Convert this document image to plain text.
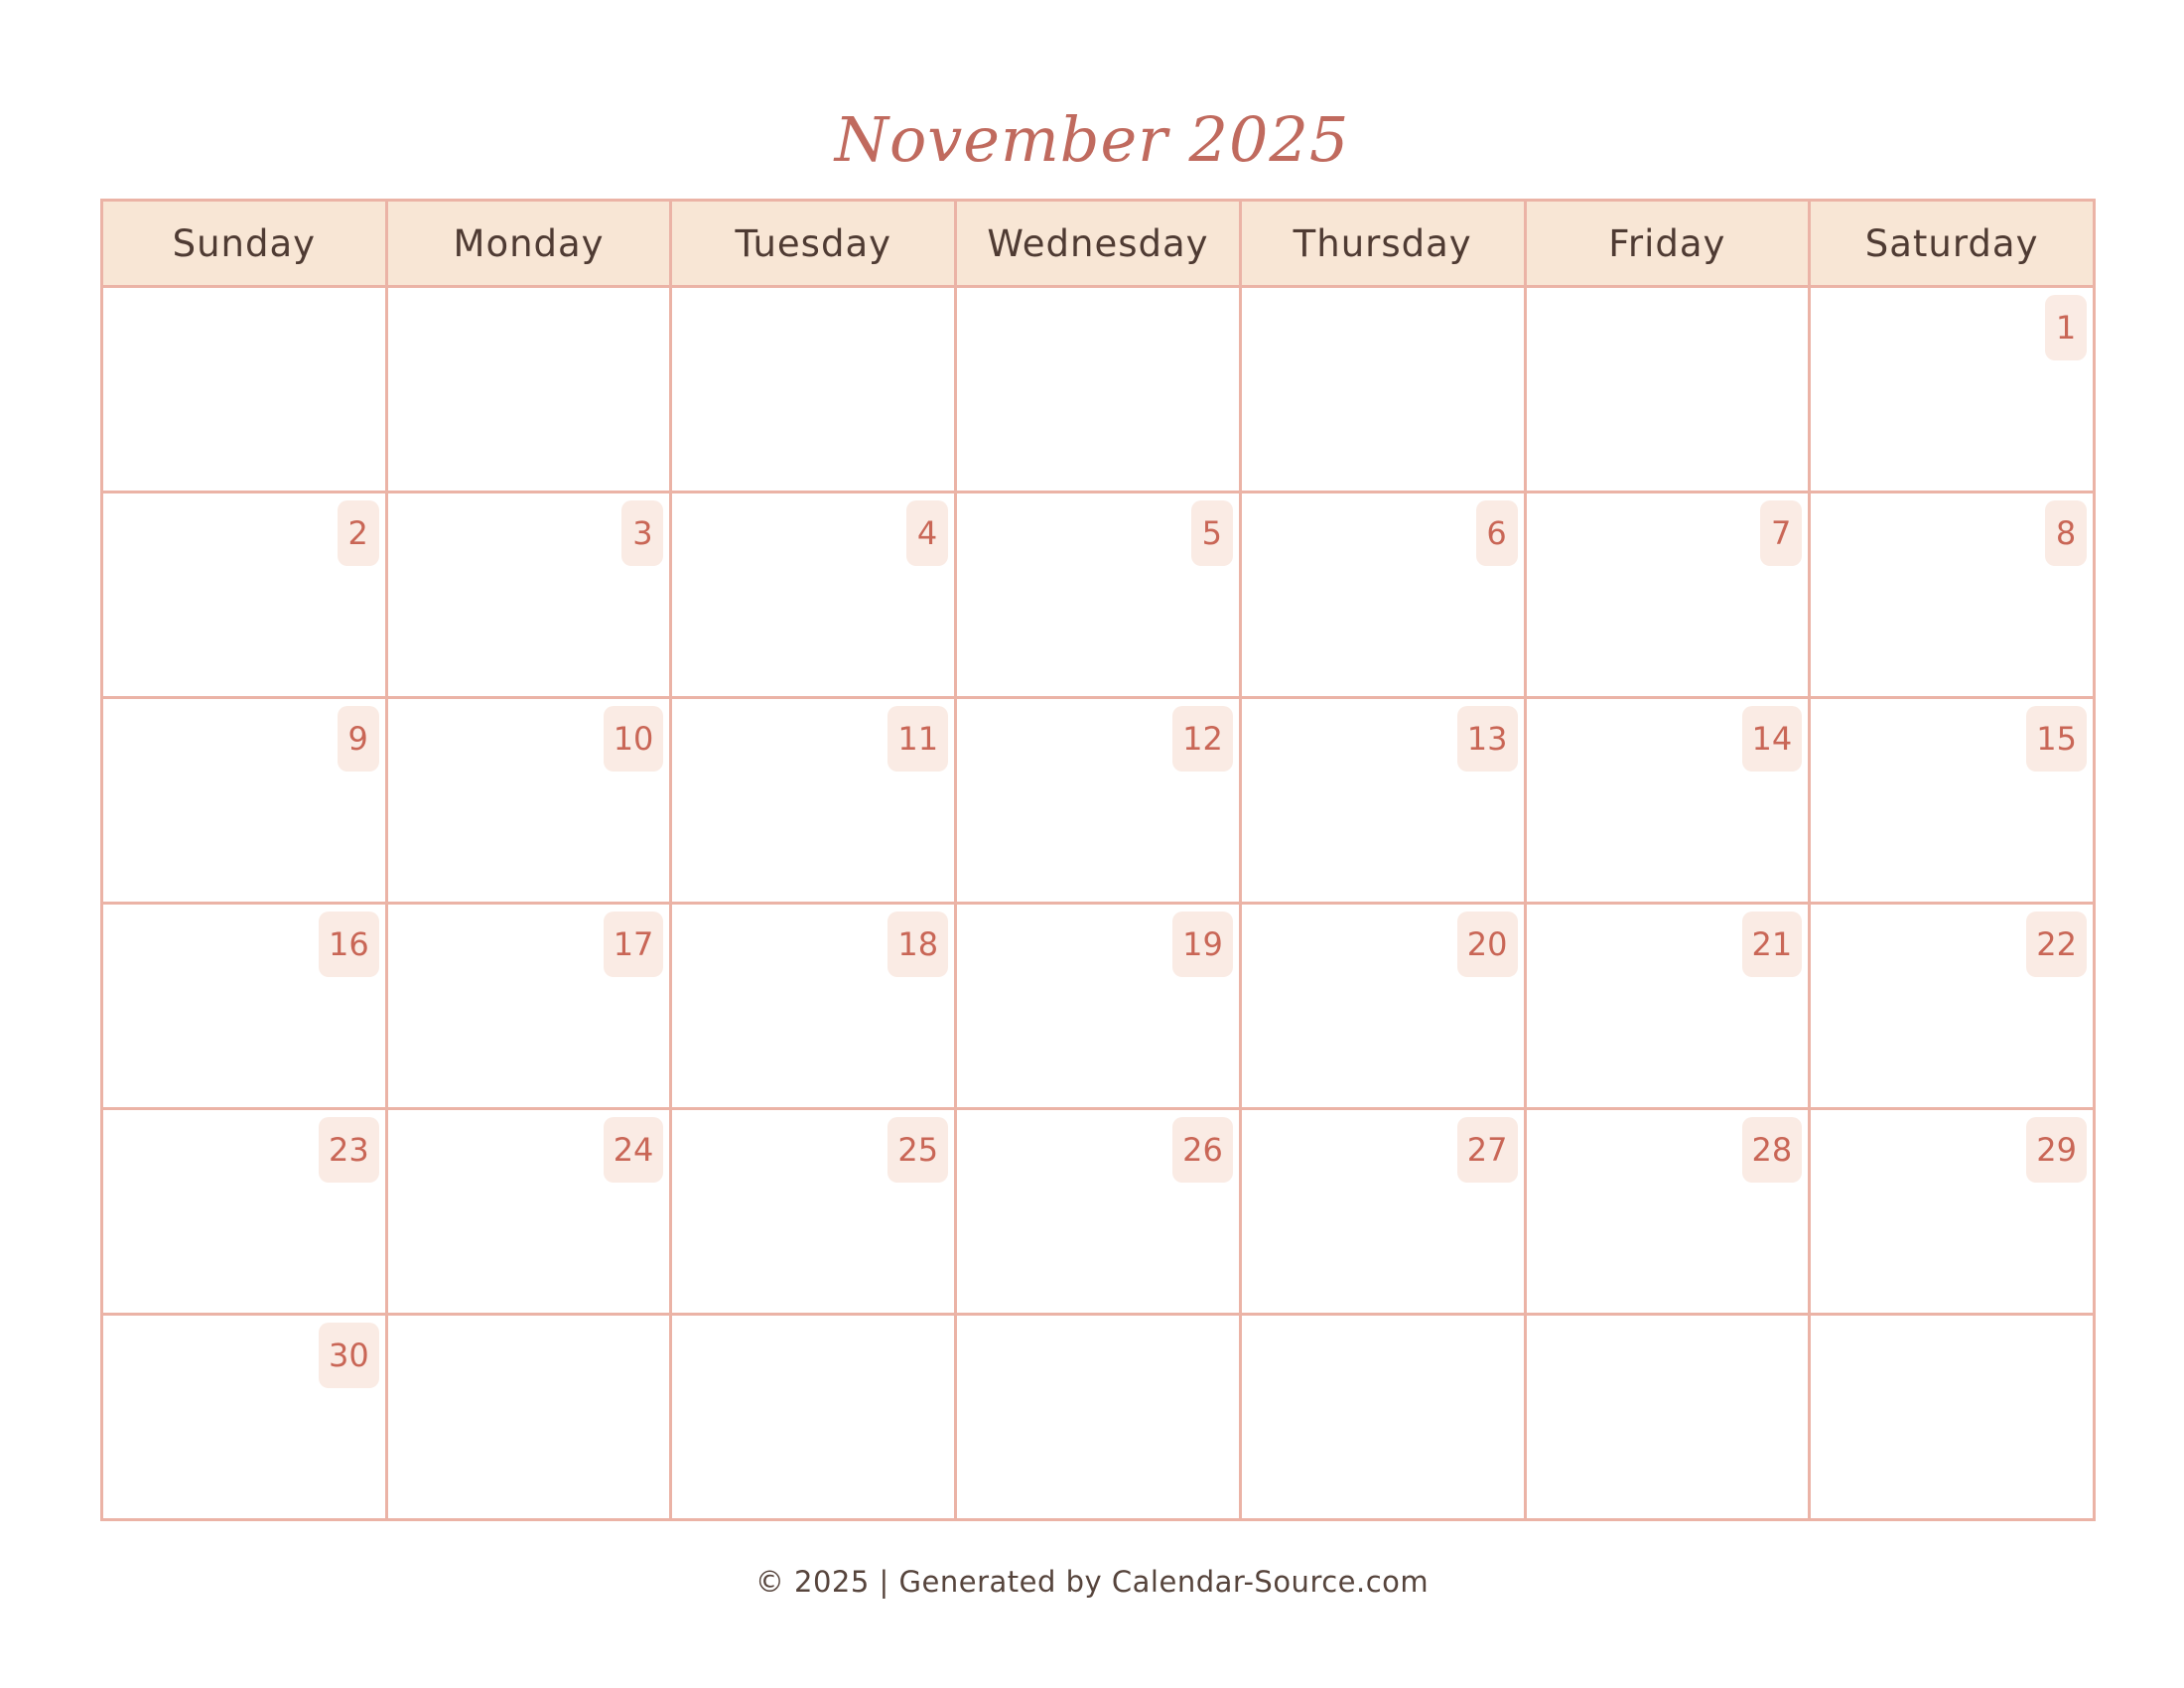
November 2025
Sunday	Monday	Tuesday	Wednesday	Thursday	Friday	Saturday
						1
2	3	4	5	6	7	8
9	10	11	12	13	14	15
16	17	18	19	20	21	22
23	24	25	26	27	28	29
30						
© 2025 | Generated by Calendar-Source.com
